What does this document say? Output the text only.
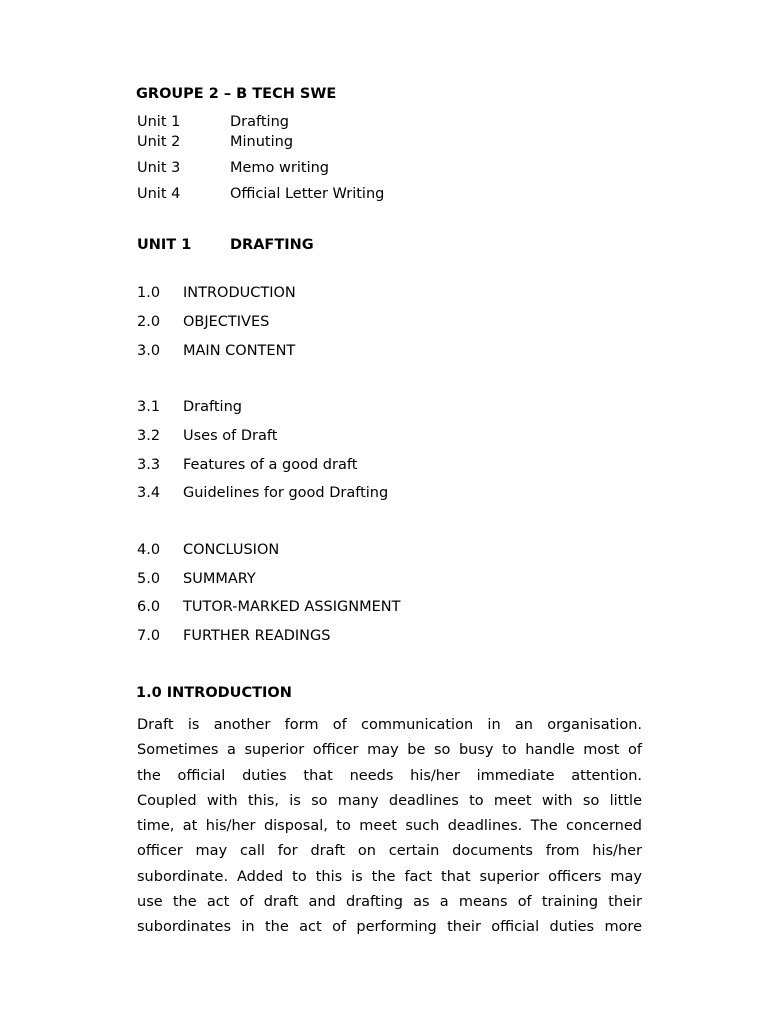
GROUPE 2 – B TECH SWE
Unit 1	Drafting
Unit 2	Minuting
Unit 3	Memo writing
Unit 4	Official Letter Writing
UNIT 1	DRAFTING
1.0 INTRODUCTION
2.0 OBJECTIVES
3.0 MAIN CONTENT
3.1 Drafting
3.2 Uses of Draft
3.3 Features of a good draft
3.4 Guidelines for good Drafting
4.0 CONCLUSION
5.0 SUMMARY
6.0 TUTOR-MARKED ASSIGNMENT
7.0 FURTHER READINGS
1.0 INTRODUCTION
Draft is another form of communication in an organisation.
Sometimes a superior officer may be so busy to handle most of
the official duties that needs his/her immediate attention.
Coupled with this, is so many deadlines to meet with so little
time, at his/her disposal, to meet such deadlines. The concerned
officer may call for draft on certain documents from his/her
subordinate. Added to this is the fact that superior officers may
use the act of draft and drafting as a means of training their
subordinates in the act of performing their official duties more
